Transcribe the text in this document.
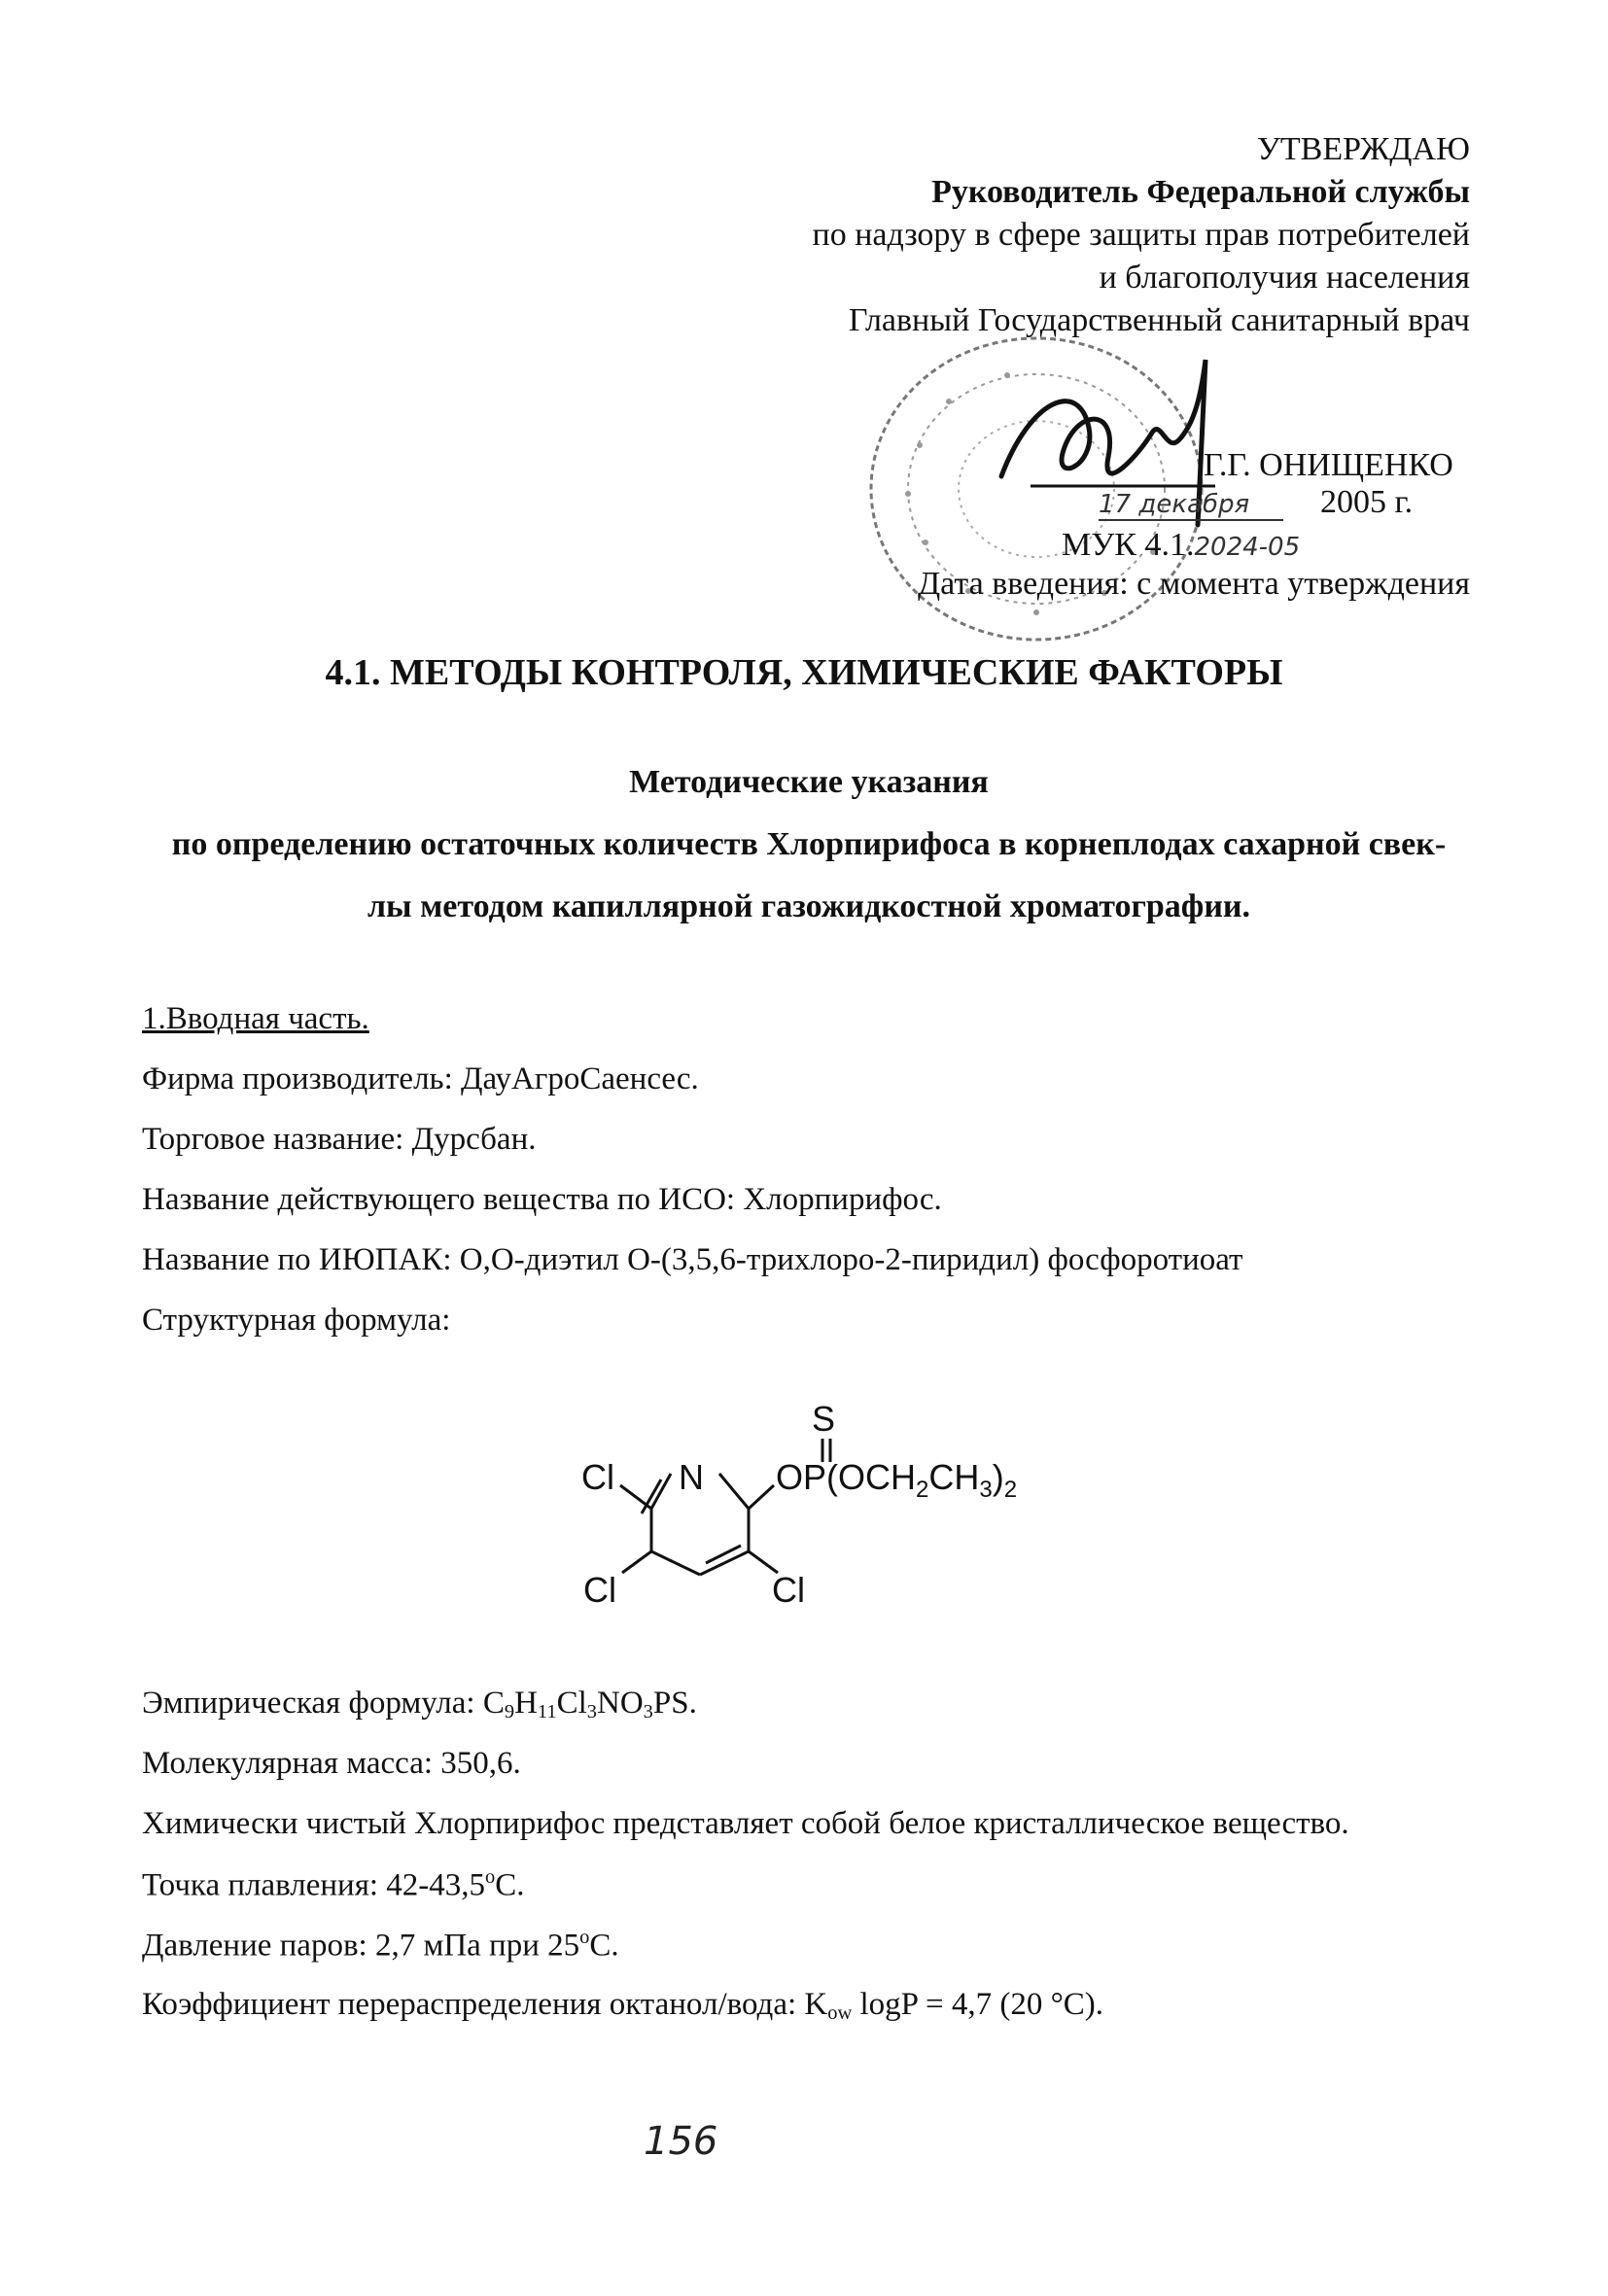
УТВЕРЖДАЮ
Руководитель Федеральной службы
по надзору в сфере защиты прав потребителей
и благополучия населения
Главный Государственный санитарный врач
Г.Г. ОНИЩЕНКО
17 декабря 2005 г.
МУК 4.1.2024-05
Дата введения: с момента утверждения
4.1. МЕТОДЫ КОНТРОЛЯ, ХИМИЧЕСКИЕ ФАКТОРЫ
Методические указания
по определению остаточных количеств Хлорпирифоса в корнеплодах сахарной свек-
лы методом капиллярной газожидкостной хроматографии.
1.Вводная часть.
Фирма производитель: ДауАгроСаенсес.
Торговое название: Дурсбан.
Название действующего вещества по ИСО: Хлорпирифос.
Название по ИЮПАК: О,О-диэтил О-(3,5,6-трихлоро-2-пиридил) фосфоротиоат
Структурная формула:
S
Cl N $OP(OCH_2CH_3)_2$
Cl	Cl
Эмпирическая формула: $C_9H_{11}Cl_3NO_3PS$.
Молекулярная масса: 350,6.
Химически чистый Хлорпирифос представляет собой белое кристаллическое вещество.
Точка плавления: 42-43,5$^o$С.
Давление паров: 2,7 мПа при 25$^o$С.
Коэффициент перераспределения октанол/вода: $K_{ow}$ logP = 4,7 (20 °С).
156
